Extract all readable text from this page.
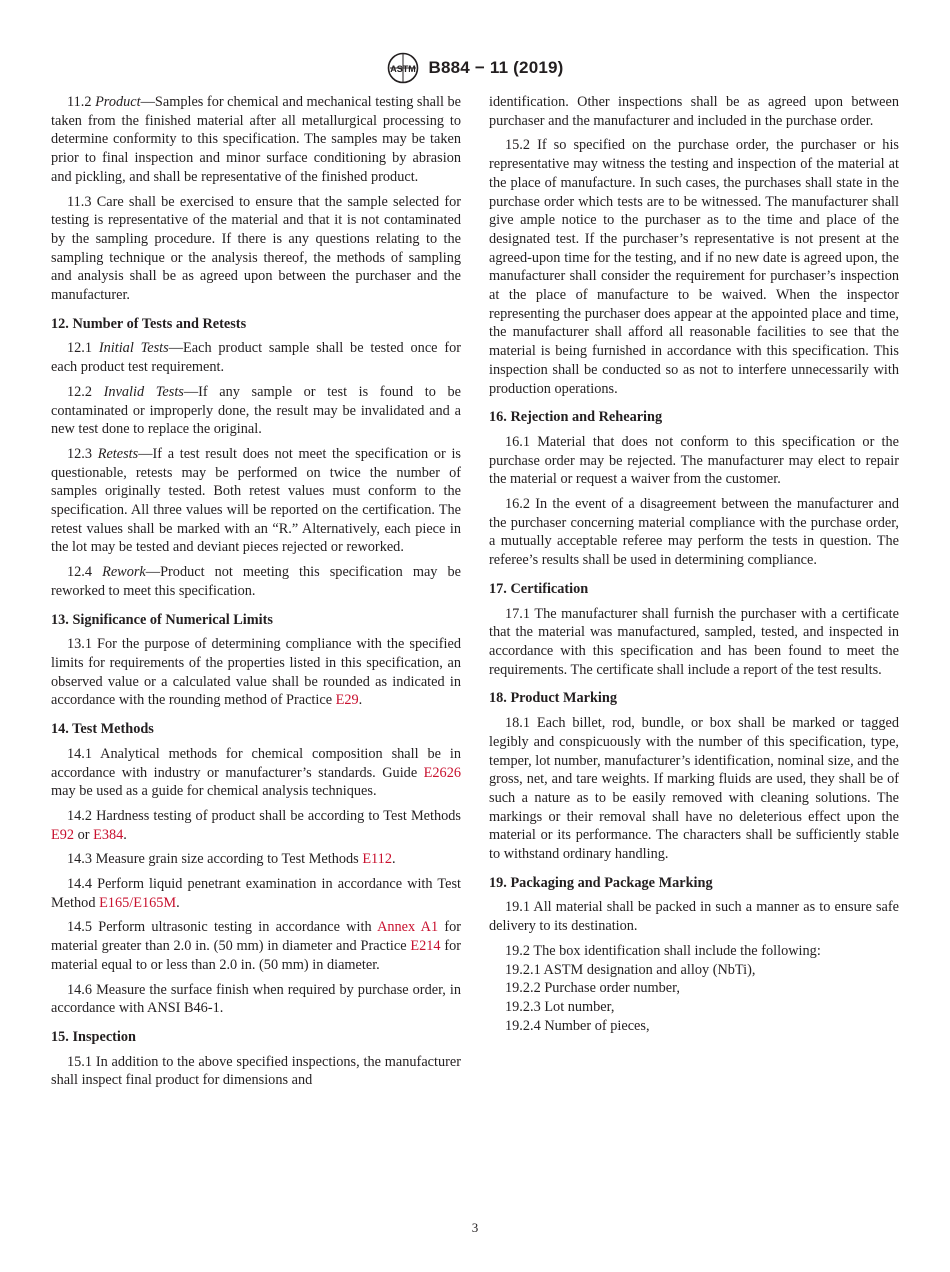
ASTM B884 − 11 (2019)

11.2 Product—Samples for chemical and mechanical testing shall be taken from the finished material after all metallurgical processing to determine conformity to this specification. The samples may be taken prior to final inspection and minor surface conditioning by abrasion and pickling, and shall be representative of the finished product.

11.3 Care shall be exercised to ensure that the sample selected for testing is representative of the material and that it is not contaminated by the sampling procedure. If there is any questions relating to the sampling technique or the analysis thereof, the methods of sampling and analysis shall be as agreed upon between the purchaser and the manufacturer.

12. Number of Tests and Retests

12.1 Initial Tests—Each product sample shall be tested once for each product test requirement.

12.2 Invalid Tests—If any sample or test is found to be contaminated or improperly done, the result may be invalidated and a new test done to replace the original.

12.3 Retests—If a test result does not meet the specification or is questionable, retests may be performed on twice the number of samples originally tested. Both retest values must conform to the specification. All three values will be reported on the certification. The retest values shall be marked with an “R.” Alternatively, each piece in the lot may be tested and deviant pieces rejected or reworked.

12.4 Rework—Product not meeting this specification may be reworked to meet this specification.

13. Significance of Numerical Limits

13.1 For the purpose of determining compliance with the specified limits for requirements of the properties listed in this specification, an observed value or a calculated value shall be rounded as indicated in accordance with the rounding method of Practice E29.

14. Test Methods

14.1 Analytical methods for chemical composition shall be in accordance with industry or manufacturer’s standards. Guide E2626 may be used as a guide for chemical analysis techniques.

14.2 Hardness testing of product shall be according to Test Methods E92 or E384.

14.3 Measure grain size according to Test Methods E112.

14.4 Perform liquid penetrant examination in accordance with Test Method E165/E165M.

14.5 Perform ultrasonic testing in accordance with Annex A1 for material greater than 2.0 in. (50 mm) in diameter and Practice E214 for material equal to or less than 2.0 in. (50 mm) in diameter.

14.6 Measure the surface finish when required by purchase order, in accordance with ANSI B46-1.

15. Inspection

15.1 In addition to the above specified inspections, the manufacturer shall inspect final product for dimensions and

identification. Other inspections shall be as agreed upon between purchaser and the manufacturer and included in the purchase order.

15.2 If so specified on the purchase order, the purchaser or his representative may witness the testing and inspection of the material at the place of manufacture. In such cases, the purchases shall state in the purchase order which tests are to be witnessed. The manufacturer shall give ample notice to the purchaser as to the time and place of the designated test. If the purchaser’s representative is not present at the agreed-upon time for the testing, and if no new date is agreed upon, the manufacturer shall consider the requirement for purchaser’s inspection at the place of manufacture to be waived. When the inspector representing the purchaser does appear at the appointed place and time, the manufacturer shall afford all reasonable facilities to see that the material is being furnished in accordance with this specification. This inspection shall be conducted so as not to interfere unnecessarily with production operations.

16. Rejection and Rehearing

16.1 Material that does not conform to this specification or the purchase order may be rejected. The manufacturer may elect to repair the material or request a waiver from the customer.

16.2 In the event of a disagreement between the manufacturer and the purchaser concerning material compliance with the purchase order, a mutually acceptable referee may perform the tests in question. The referee’s results shall be used in determining compliance.

17. Certification

17.1 The manufacturer shall furnish the purchaser with a certificate that the material was manufactured, sampled, tested, and inspected in accordance with this specification and has been found to meet the requirements. The certificate shall include a report of the test results.

18. Product Marking

18.1 Each billet, rod, bundle, or box shall be marked or tagged legibly and conspicuously with the number of this specification, type, temper, lot number, manufacturer’s identification, nominal size, and the gross, net, and tare weights. If marking fluids are used, they shall be of such a nature as to be easily removed with cleaning solutions. The markings or their removal shall have no deleterious effect upon the material or its performance. The characters shall be sufficiently stable to withstand ordinary handling.

19. Packaging and Package Marking

19.1 All material shall be packed in such a manner as to ensure safe delivery to its destination.

19.2 The box identification shall include the following:

19.2.1 ASTM designation and alloy (NbTi),
19.2.2 Purchase order number,
19.2.3 Lot number,
19.2.4 Number of pieces,
3
